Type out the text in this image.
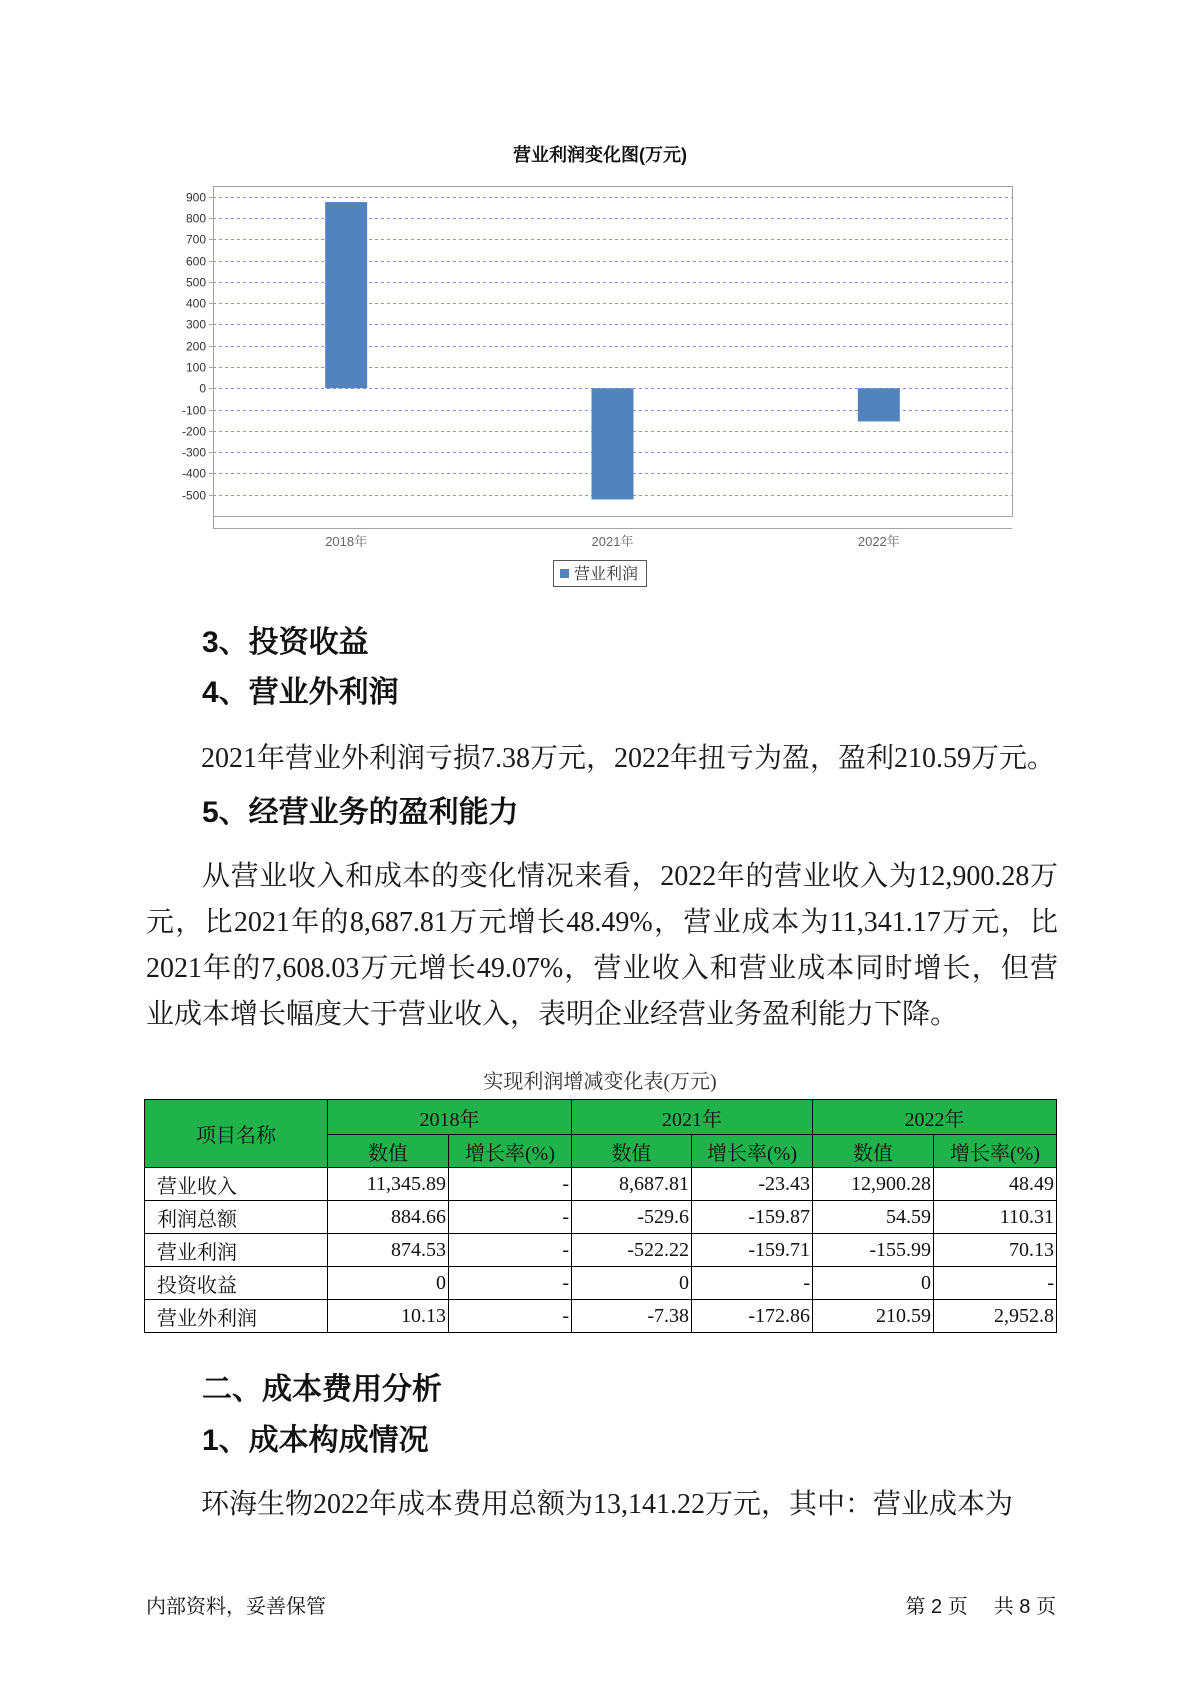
营业利润变化图(万元)
900
800
700
600
500
400
300
200
100
0
-100
-200
-300
-400
-500
2018年	2021年	2022年
营业利润
3、投资收益
4、营业外利润
2021年营业外利润亏损7.38万元，2022年扭亏为盈，盈利210.59万元。
5、经营业务的盈利能力
从营业收入和成本的变化情况来看，2022年的营业收入为12,900.28万
元，比2021年的8,687.81万元增长48.49%，营业成本为11,341.17万元，比
2021年的7,608.03万元增长49.07%，营业收入和营业成本同时增长，但营
业成本增长幅度大于营业收入，表明企业经营业务盈利能力下降。
实现利润增减变化表(万元)
项目名称	2018年		2021年		2022年	
	数值	增长率(%)	数值	增长率(%)	数值	增长率(%)
营业收入	11,345.89	-	8,687.81	-23.43	12,900.28	48.49
利润总额	884.66	-	-529.6	-159.87	54.59	110.31
营业利润	874.53	-	-522.22	-159.71	-155.99	70.13
投资收益	0	-	0	-	0	-
营业外利润	10.13	-	-7.38	-172.86	210.59	2,952.8
二、成本费用分析
1、成本构成情况
环海生物2022年成本费用总额为13,141.22万元，其中：营业成本为
内部资料，妥善保管	第 2 页 共 8 页
